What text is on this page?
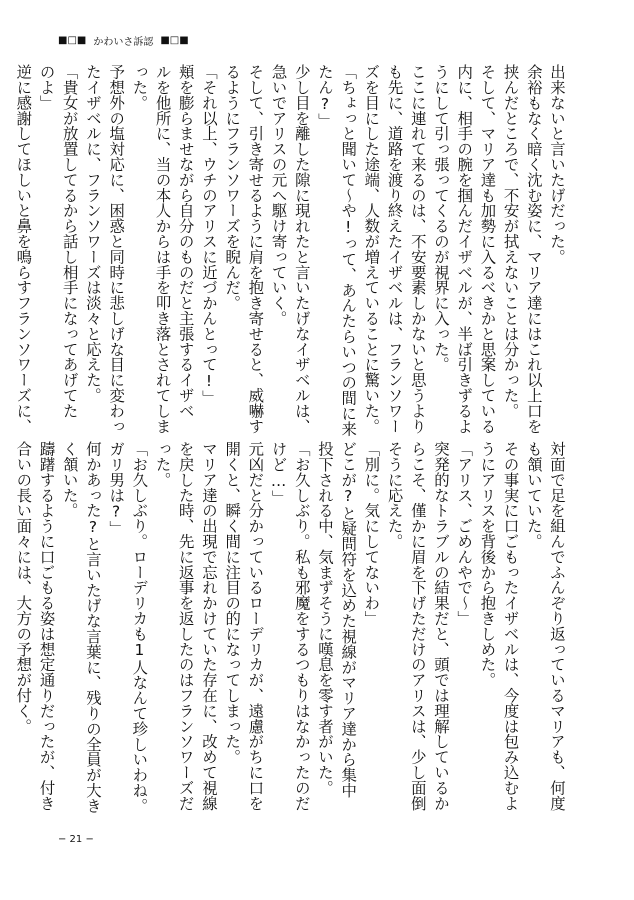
■□■ かわいさ訴認 ■□■

出来ないと言いたげだった。

余裕もなく暗く沈む姿に、マリア達にはこれ以上口を

挟んだところで、不安が拭えないことは分かった。

そして、マリア達も加勢に入るべきかと思案している

内に、相手の腕を掴んだイザベルが、半ば引きずるよ

うにして引っ張ってくるのが視界に入った。

ここに連れて来るのは、不安要素しかないと思うより

も先に、道路を渡り終えたイザベルは、フランソワー

ズを目にした途端、人数が増えていることに驚いた。

「ちょっと聞いて〜や!って、あんたらいつの間に来

たん?」

少し目を離した隙に現れたと言いたげなイザベルは、

急いでアリスの元へ駆け寄っていく。

そして、引き寄せるように肩を抱き寄せると、威嚇す

るようにフランソワーズを睨んだ。

「それ以上、ウチのアリスに近づかんとって!」

頬を膨らませながら自分のものだと主張するイザベ

ルを他所に、当の本人からは手を叩き落とされてしま

った。

予想外の塩対応に、困惑と同時に悲しげな目に変わっ

たイザベルに、フランソワーズは淡々と応えた。

「貴女が放置してるから話し相手になってあげてた

のよ」

逆に感謝してほしいと鼻を鳴らすフランソワーズに、

対面で足を組んでふんぞり返っているマリアも、何度

も頷いていた。

その事実に口ごもったイザベルは、今度は包み込むよ

うにアリスを背後から抱きしめた。

「アリス、ごめんやで〜」

突発的なトラブルの結果だと、頭では理解しているか

らこそ、僅かに眉を下げただけのアリスは、少し面倒

そうに応えた。

「別に。気にしてないわ」

どこが?と疑問符を込めた視線がマリア達から集中

投下される中、気まずそうに嘆息を零す者がいた。

「お久しぶり。私も邪魔をするつもりはなかったのだ

けど…」

元凶だと分かっているローデリカが、遠慮がちに口を

開くと、瞬く間に注目の的になってしまった。

マリア達の出現で忘れかけていた存在に、改めて視線

を戻した時、先に返事を返したのはフランソワーズだ

った。

「お久しぶり。ローデリカも1人なんて珍しいわね。

ガリ男は?」

何かあった?と言いたげな言葉に、残りの全員が大き

く頷いた。

躊躇するように口ごもる姿は想定通りだったが、付き

合いの長い面々には、大方の予想が付く。

− 21 −
